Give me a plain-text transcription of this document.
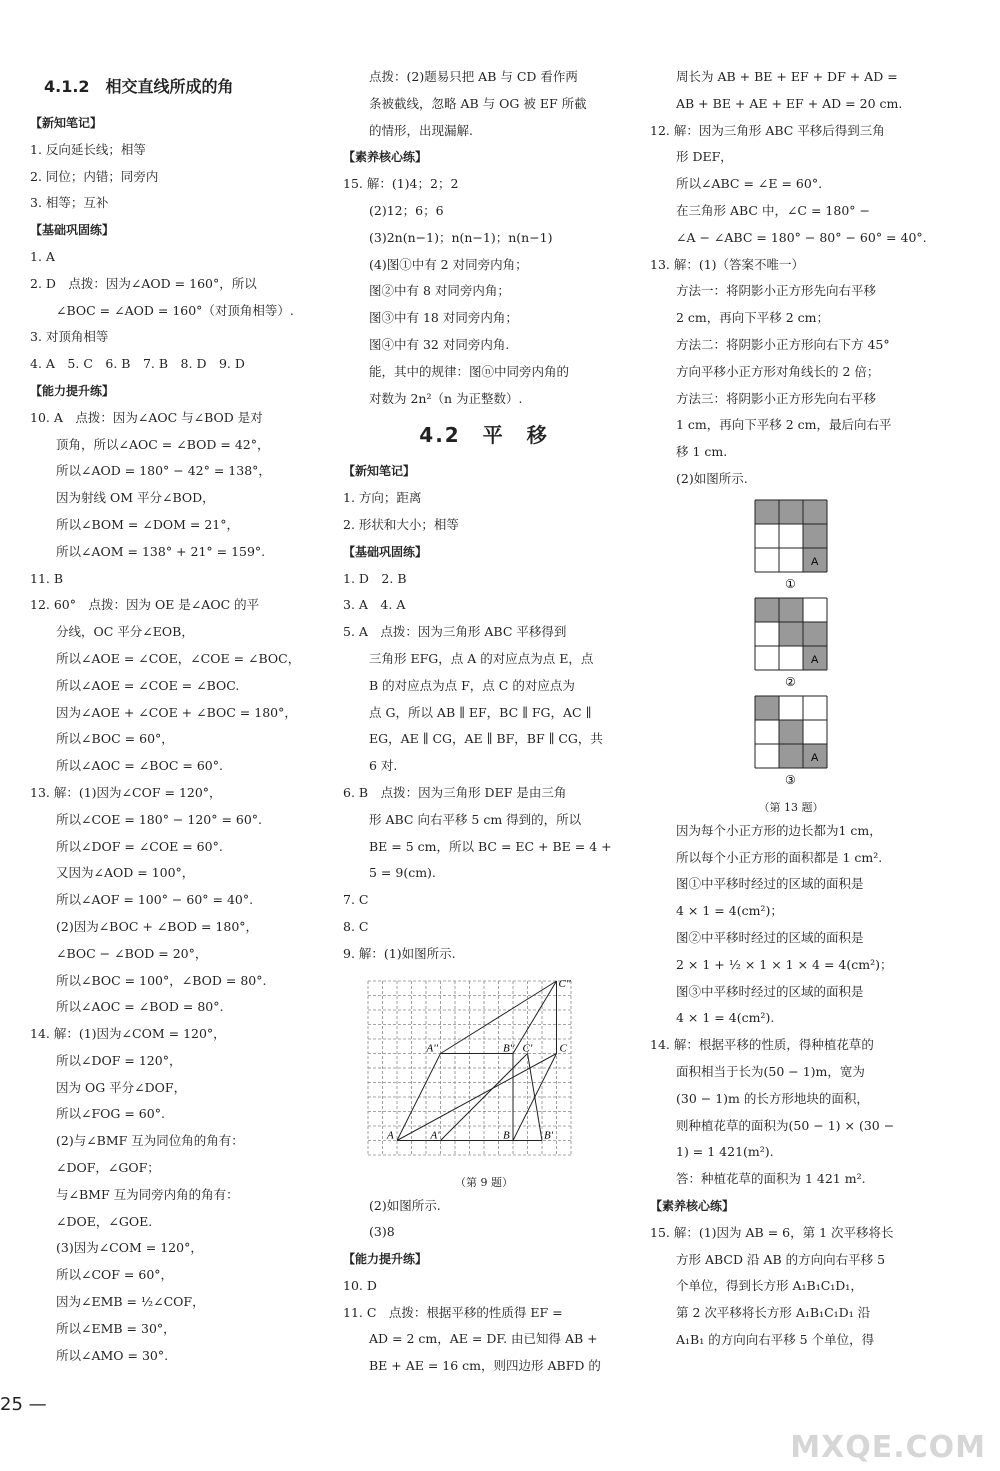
4.1.2　相交直线所成的角
【新知笔记】
1. 反向延长线；相等
2. 同位；内错；同旁内
3. 相等；互补
【基础巩固练】
1. A
2. D　点拨：因为∠AOD = 160°，所以
∠BOC = ∠AOD = 160°（对顶角相等）.
3. 对顶角相等
4. A　5. C　6. B　7. B　8. D　9. D
【能力提升练】
10. A　点拨：因为∠AOC 与∠BOD 是对
顶角，所以∠AOC = ∠BOD = 42°，
所以∠AOD = 180° − 42° = 138°，
因为射线 OM 平分∠BOD，
所以∠BOM = ∠DOM = 21°，
所以∠AOM = 138° + 21° = 159°.
11. B
12. 60°　点拨：因为 OE 是∠AOC 的平
分线，OC 平分∠EOB，
所以∠AOE = ∠COE，∠COE = ∠BOC，
所以∠AOE = ∠COE = ∠BOC.
因为∠AOE + ∠COE + ∠BOC = 180°，
所以∠BOC = 60°，
所以∠AOC = ∠BOC = 60°.
13. 解：(1)因为∠COF = 120°，
所以∠COE = 180° − 120° = 60°.
所以∠DOF = ∠COE = 60°.
又因为∠AOD = 100°，
所以∠AOF = 100° − 60° = 40°.
(2)因为∠BOC + ∠BOD = 180°，
∠BOC − ∠BOD = 20°，
所以∠BOC = 100°，∠BOD = 80°.
所以∠AOC = ∠BOD = 80°.
14. 解：(1)因为∠COM = 120°，
所以∠DOF = 120°，
因为 OG 平分∠DOF，
所以∠FOG = 60°.
(2)与∠BMF 互为同位角的角有：
∠DOF，∠GOF；
与∠BMF 互为同旁内角的角有：
∠DOE，∠GOE.
(3)因为∠COM = 120°，
所以∠COF = 60°，
因为∠EMB = ½∠COF，
所以∠EMB = 30°，
所以∠AMO = 30°.
点拨：(2)题易只把 AB 与 CD 看作两
条被截线，忽略 AB 与 OG 被 EF 所截
的情形，出现漏解.
【素养核心练】
15. 解：(1)4；2；2
(2)12；6；6
(3)2n(n−1)；n(n−1)；n(n−1)
(4)图①中有 2 对同旁内角；
图②中有 8 对同旁内角；
图③中有 18 对同旁内角；
图④中有 32 对同旁内角.
能，其中的规律：图ⓝ中同旁内角的
对数为 2n²（n 为正整数）.
4.2　平　移
【新知笔记】
1. 方向；距离
2. 形状和大小；相等
【基础巩固练】
1. D　2. B
3. A　4. A
5. A　点拨：因为三角形 ABC 平移得到
三角形 EFG，点 A 的对应点为点 E，点
B 的对应点为点 F，点 C 的对应点为
点 G，所以 AB ∥ EF，BC ∥ FG，AC ∥
EG，AE ∥ CG，AE ∥ BF，BF ∥ CG，共
6 对.
6. B　点拨：因为三角形 DEF 是由三角
形 ABC 向右平移 5 cm 得到的，所以
BE = 5 cm，所以 BC = EC + BE = 4 +
5 = 9(cm).
7. C
8. C
9. 解：(1)如图所示.
C''
A''	B'' C' C
A	A'	B'
B
（第 9 题）
(2)如图所示.
(3)8
【能力提升练】
10. D
11. C　点拨：根据平移的性质得 EF =
AD = 2 cm，AE = DF. 由已知得 AB +
BE + AE = 16 cm，则四边形 ABFD 的
周长为 AB + BE + EF + DF + AD =
AB + BE + AE + EF + AD = 20 cm.
12. 解：因为三角形 ABC 平移后得到三角
形 DEF，
所以∠ABC = ∠E = 60°.
在三角形 ABC 中，∠C = 180° −
∠A − ∠ABC = 180° − 80° − 60° = 40°.
13. 解：(1)（答案不唯一）
方法一：将阴影小正方形先向右平移
2 cm，再向下平移 2 cm；
方法二：将阴影小正方形向右下方 45°
方向平移小正方形对角线长的 2 倍；
方法三：将阴影小正方形先向右平移
1 cm，再向下平移 2 cm，最后向右平
移 1 cm.
(2)如图所示.
A
①
A
②
A
③
（第 13 题）
因为每个小正方形的边长都为1 cm，
所以每个小正方形的面积都是 1 cm².
图①中平移时经过的区域的面积是
4 × 1 = 4(cm²)；
图②中平移时经过的区域的面积是
2 × 1 + ½ × 1 × 1 × 4 = 4(cm²)；
图③中平移时经过的区域的面积是
4 × 1 = 4(cm²).
14. 解：根据平移的性质，得种植花草的
面积相当于长为(50 − 1)m，宽为
(30 − 1)m 的长方形地块的面积，
则种植花草的面积为(50 − 1) × (30 −
1) = 1 421(m²).
答：种植花草的面积为 1 421 m².
【素养核心练】
15. 解：(1)因为 AB = 6，第 1 次平移将长
方形 ABCD 沿 AB 的方向向右平移 5
个单位，得到长方形 A₁B₁C₁D₁，
第 2 次平移将长方形 A₁B₁C₁D₁ 沿
A₁B₁ 的方向向右平移 5 个单位，得
25 —
MXQE.COM
